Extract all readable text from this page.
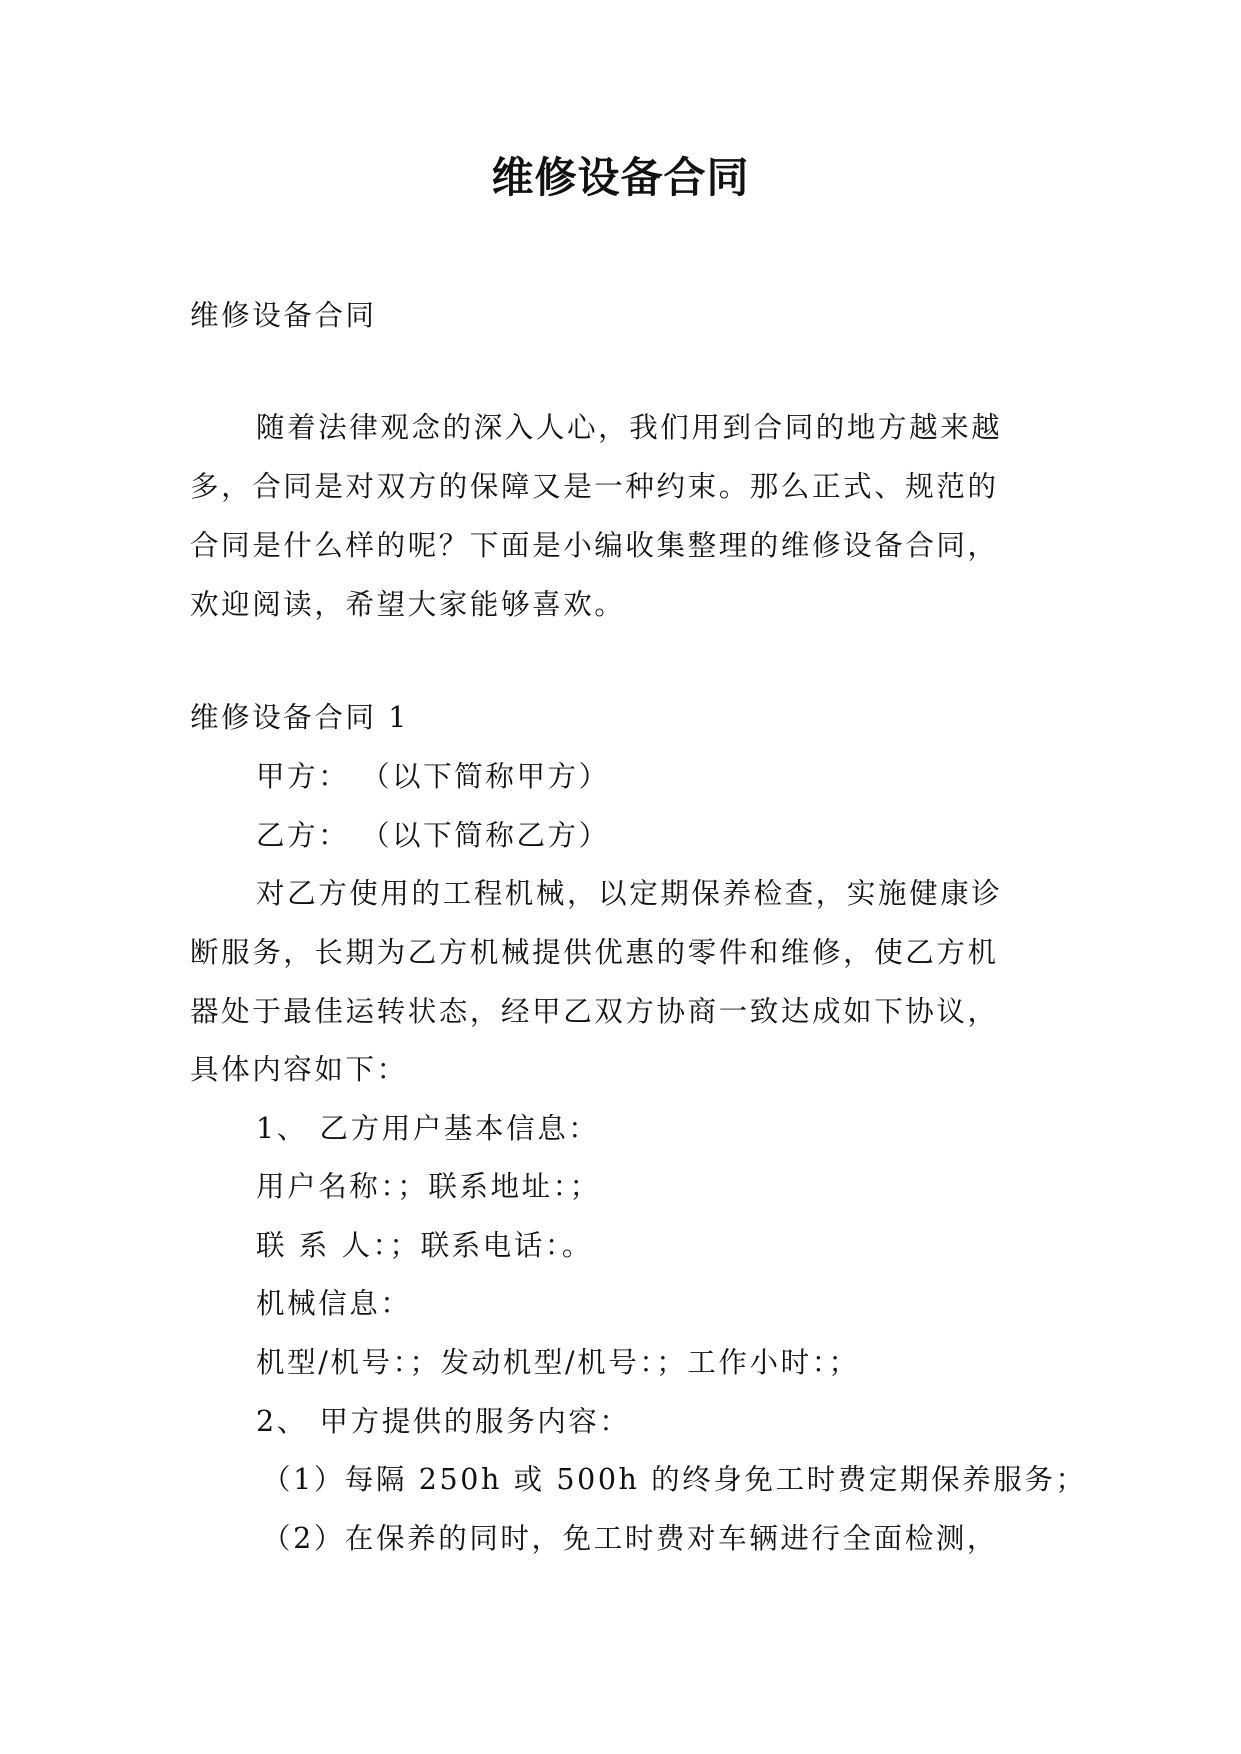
维修设备合同
维修设备合同
随着法律观念的深入人心，我们用到合同的地方越来越
多，合同是对双方的保障又是一种约束。那么正式、规范的
合同是什么样的呢？下面是小编收集整理的维修设备合同，
欢迎阅读，希望大家能够喜欢。
维修设备合同 1
甲方： （以下简称甲方）
乙方： （以下简称乙方）
对乙方使用的工程机械，以定期保养检查，实施健康诊
断服务，长期为乙方机械提供优惠的零件和维修，使乙方机
器处于最佳运转状态，经甲乙双方协商一致达成如下协议，
具体内容如下：
1、 乙方用户基本信息：
用户名称：；联系地址：；
联 系 人：；联系电话：。
机械信息：
机型/机号：；发动机型/机号：；工作小时：；
2、 甲方提供的服务内容：
（1）每隔 250h 或 500h 的终身免工时费定期保养服务；
（2）在保养的同时，免工时费对车辆进行全面检测，
